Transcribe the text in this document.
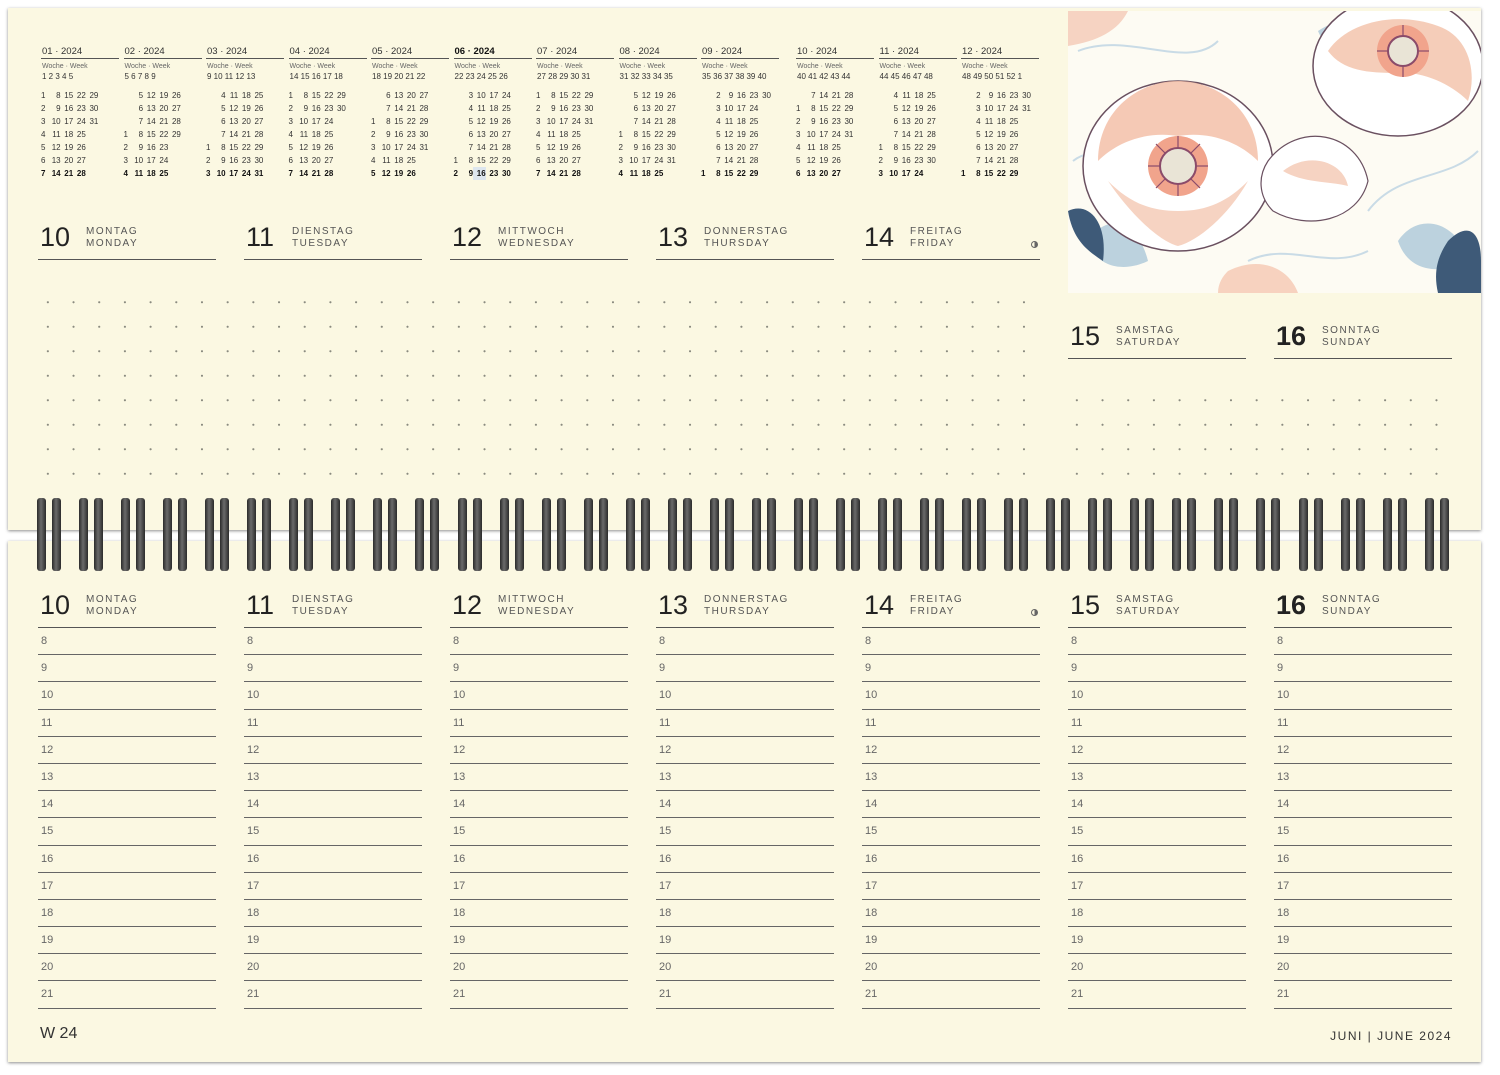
01 · 2024
Woche · Week
1 2 3 4 5
1	8 15 22 29
2	9 16 23 30
3 10 17 24 31
4 11 18 25
5 12 19 26
6 13 20 27
7 14 21 28
02 · 2024
Woche · Week
5 6 7 8 9
5 12 19 26
6 13 20 27
7 14 21 28
1	8 15 22 29
2	9 16 23
3 10 17 24
4 11 18 25
03 · 2024
Woche · Week
9 10 11 12 13
4 11 18 25
5 12 19 26
6 13 20 27
7 14 21 28
1	8 15 22 29
2	9 16 23 30
3 10 17 24 31
04 · 2024
Woche · Week
14 15 16 17 18
1	8 15 22 29
2	9 16 23 30
3 10 17 24
4 11 18 25
5 12 19 26
6 13 20 27
7 14 21 28
05 · 2024
Woche · Week
18 19 20 21 22
6 13 20 27
7 14 21 28
1	8 15 22 29
2	9 16 23 30
3 10 17 24 31
4 11 18 25
5 12 19 26
06 · 2024
Woche · Week
22 23 24 25 26
3 10 17 24
4 11 18 25
5 12 19 26
6 13 20 27
7 14 21 28
1	8 15 22 29
2	9 16 23 30
07 · 2024
Woche · Week
27 28 29 30 31
1	8 15 22 29
2	9 16 23 30
3 10 17 24 31
4 11 18 25
5 12 19 26
6 13 20 27
7 14 21 28
08 · 2024
Woche · Week
31 32 33 34 35
5 12 19 26
6 13 20 27
7 14 21 28
1	8 15 22 29
2	9 16 23 30
3 10 17 24 31
4 11 18 25
09 · 2024
Woche · Week
35 36 37 38 39 40
2	9 16 23 30
3 10 17 24
4 11 18 25
5 12 19 26
6 13 20 27
7 14 21 28
1	8 15 22 29
10 · 2024
Woche · Week
40 41 42 43 44
7 14 21 28
1	8 15 22 29
2	9 16 23 30
3 10 17 24 31
4 11 18 25
5 12 19 26
6 13 20 27
11 · 2024
Woche · Week
44 45 46 47 48
4 11 18 25
5 12 19 26
6 13 20 27
7 14 21 28
1	8 15 22 29
2	9 16 23 30
3 10 17 24
12 · 2024
Woche · Week
48 49 50 51 52 1
2	9 16 23 30
3 10 17 24 31
4 11 18 25
5 12 19 26
6 13 20 27
7 14 21 28
1	8 15 22 29
10 MONTAG
MONDAY	11 DIENSTAG
TUESDAY	12 MITTWOCH
WEDNESDAY	13 DONNERSTAG
THURSDAY	14 FREITAG
FRIDAY
15 SAMSTAG
SATURDAY	16 SONNTAG
SUNDAY
10 MONTAG
MONDAY
8
9
10
11
12
13
14
15
16
17
18
19
20
21
11 DIENSTAG
TUESDAY
8
9
10
11
12
13
14
15
16
17
18
19
20
21
12 MITTWOCH
WEDNESDAY
8
9
10
11
12
13
14
15
16
17
18
19
20
21
13 DONNERSTAG
THURSDAY
8
9
10
11
12
13
14
15
16
17
18
19
20
21
14 FREITAG
FRIDAY
8
9
10
11
12
13
14
15
16
17
18
19
20
21
15 SAMSTAG
SATURDAY
8
9
10
11
12
13
14
15
16
17
18
19
20
21
16 SONNTAG
SUNDAY
8
9
10
11
12
13
14
15
16
17
18
19
20
21
W 24	JUNI | JUNE 2024
